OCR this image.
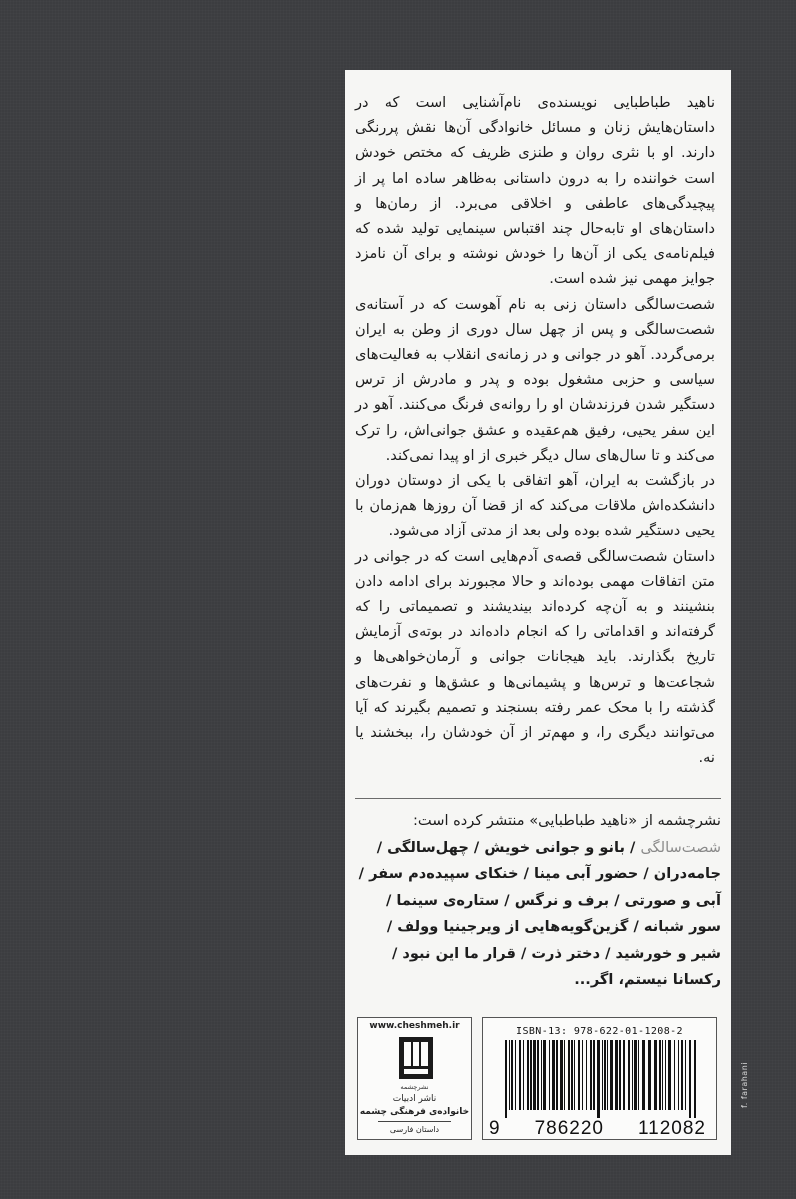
ناهید طباطبایی نویسنده‌ی نام‌آشنایی است که در داستان‌هایش زنان و مسائل خانوادگی آن‌ها نقش پررنگی دارند. او با نثری روان و طنزی ظریف که مختص خودش است خواننده را به درون داستانی به‌ظاهر ساده اما پر از پیچیدگی‌های عاطفی و اخلاقی می‌برد. از رمان‌ها و داستان‌های او تابه‌حال چند اقتباس سینمایی تولید شده که فیلم‌نامه‌ی یکی از آن‌ها را خودش نوشته و برای آن نامزد جوایز مهمی نیز شده است.

شصت‌سالگی داستان زنی به نام آهوست که در آستانه‌ی شصت‌سالگی و پس از چهل سال دوری از وطن به ایران برمی‌گردد. آهو در جوانی و در زمانه‌ی انقلاب به فعالیت‌های سیاسی و حزبی مشغول بوده و پدر و مادرش از ترس دستگیر شدن فرزندشان او را روانه‌ی فرنگ می‌کنند. آهو در این سفر یحیی، رفیق هم‌عقیده و عشق جوانی‌اش، را ترک می‌کند و تا سال‌های سال دیگر خبری از او پیدا نمی‌کند.

در بازگشت به ایران، آهو اتفاقی با یکی از دوستان دوران دانشکده‌اش ملاقات می‌کند که از قضا آن روزها هم‌زمان با یحیی دستگیر شده بوده ولی بعد از مدتی آزاد می‌شود.

داستان شصت‌سالگی قصه‌ی آدم‌هایی است که در جوانی در متن اتفاقات مهمی بوده‌اند و حالا مجبورند برای ادامه دادن بنشینند و به آن‌چه کرده‌اند بیندیشند و تصمیماتی را که گرفته‌اند و اقداماتی را که انجام داده‌اند در بوته‌ی آزمایش تاریخ بگذارند. باید هیجانات جوانی و آرمان‌خواهی‌ها و شجاعت‌ها و ترس‌ها و پشیمانی‌ها و عشق‌ها و نفرت‌های گذشته را با محک عمر رفته بسنجند و تصمیم بگیرند که آیا می‌توانند دیگری را، و مهم‌تر از آن خودشان را، ببخشند یا نه.

نشرچشمه از «ناهید طباطبایی» منتشر کرده است:

شصت‌سالگی / بانو و جوانی خویش / چهل‌سالگی / جامه‌دران / حضور آبی مینا / خنکای سپیده‌دم سفر / آبی و صورتی / برف و نرگس / ستاره‌ی سینما / سور شبانه / گزین‌گویه‌هایی از ویرجینیا وولف / شیر و خورشید / دختر ذرت / قرار ما این نبود / رکسانا نیستم، اگر...

www.cheshmeh.ir
نشرچشمه
ناشر ادبیات
خانواده‌ی فرهنگی چشمه
داستان فارسی
ISBN-13: 978-622-01-1208-2
9 786220 112082
f. farahani
